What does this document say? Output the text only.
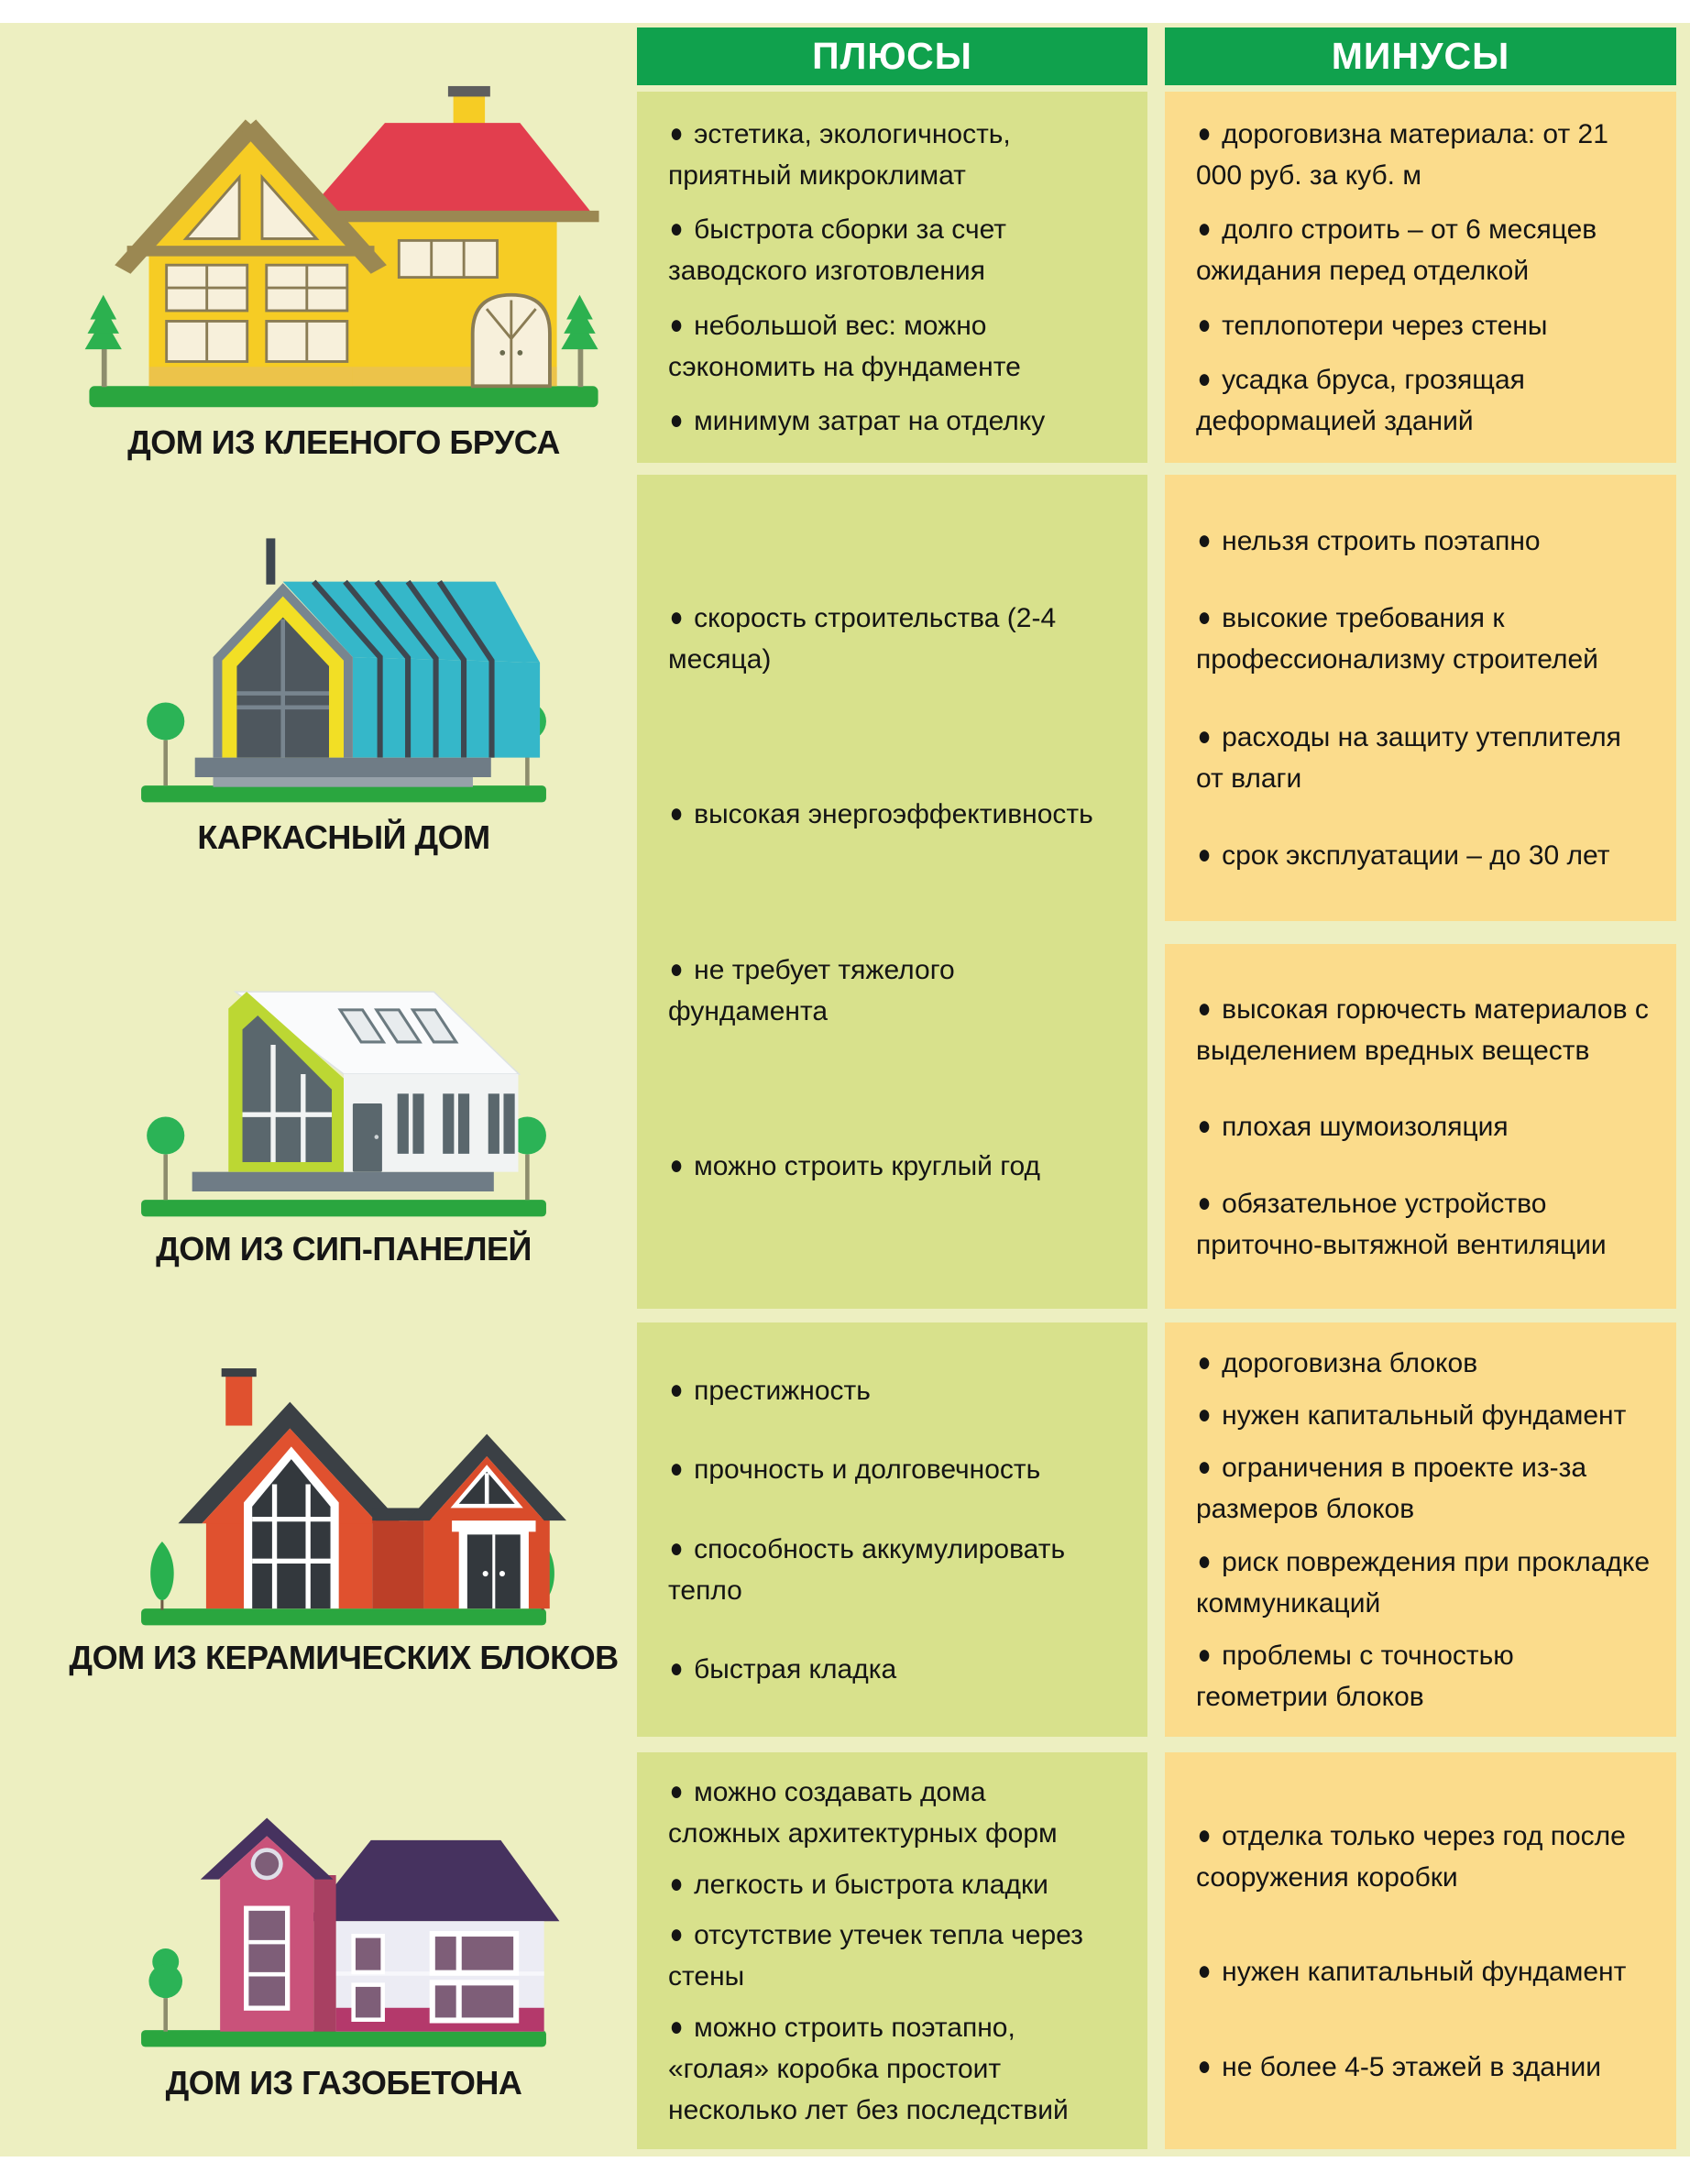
ПЛЮСЫ	МИНУСЫ
ДОМ ИЗ КЛЕЕНОГО БРУСА
КАРКАСНЫЙ ДОМ
ДОМ ИЗ СИП-ПАНЕЛЕЙ
ДОМ ИЗ КЕРАМИЧЕСКИХ БЛОКОВ
ДОМ ИЗ ГАЗОБЕТОНА
● эстетика, экологичность, приятный микроклимат
● быстрота сборки за счет заводского изготовления
● небольшой вес: можно сэкономить на фундаменте
● минимум затрат на отделку
● дороговизна материала: от 21 000 руб. за куб. м
● долго строить – от 6 месяцев ожидания перед отделкой
● теплопотери через стены
● усадка бруса, грозящая деформацией зданий
● скорость строительства (2-4 месяца)
● высокая энергоэффективность
● не требует тяжелого фундамента
● можно строить круглый год
● нельзя строить поэтапно
● высокие требования к профессионализму строителей
● расходы на защиту утеплителя от влаги
● срок эксплуатации – до 30 лет
● высокая горючесть материалов с выделением вредных веществ
● плохая шумоизоляция
● обязательное устройство приточно-вытяжной вентиляции
● престижность
● прочность и долговечность
● способность аккумулировать тепло
● быстрая кладка
● дороговизна блоков
● нужен капитальный фундамент
● ограничения в проекте из-за размеров блоков
● риск повреждения при прокладке коммуникаций
● проблемы с точностью геометрии блоков
● можно создавать дома сложных архитектурных форм
● легкость и быстрота кладки
● отсутствие утечек тепла через стены
● можно строить поэтапно, «голая» коробка простоит несколько лет без последствий
● отделка только через год после сооружения коробки
● нужен капитальный фундамент
● не более 4-5 этажей в здании
